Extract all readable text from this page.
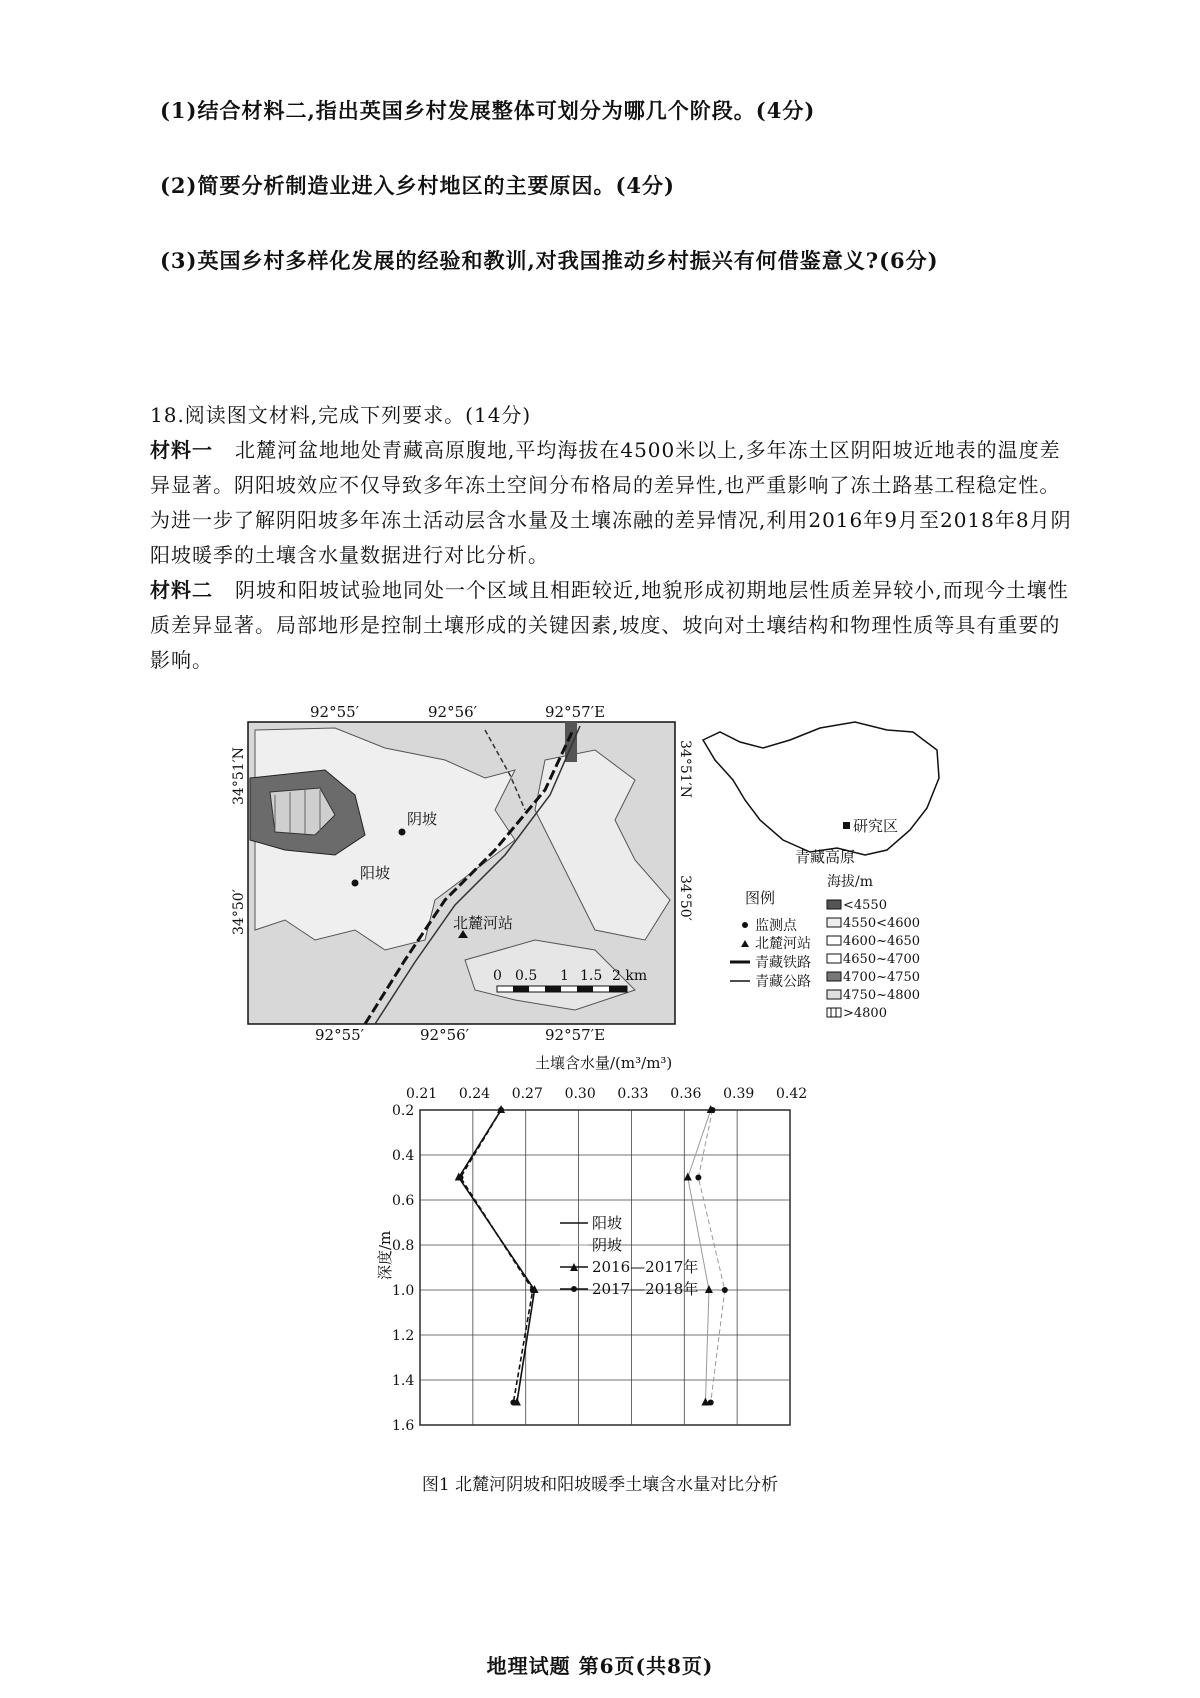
(1)结合材料二,指出英国乡村发展整体可划分为哪几个阶段。(4分)
(2)简要分析制造业进入乡村地区的主要原因。(4分)
(3)英国乡村多样化发展的经验和教训,对我国推动乡村振兴有何借鉴意义?(6分)

18.阅读图文材料,完成下列要求。(14分)

材料一 北麓河盆地地处青藏高原腹地,平均海拔在4500米以上,多年冻土区阴阳坡近地表的温度差异显著。阴阳坡效应不仅导致多年冻土空间分布格局的差异性,也严重影响了冻土路基工程稳定性。为进一步了解阴阳坡多年冻土活动层含水量及土壤冻融的差异情况,利用2016年9月至2018年8月阴阳坡暖季的土壤含水量数据进行对比分析。

材料二 阴坡和阳坡试验地同处一个区域且相距较近,地貌形成初期地层性质差异较小,而现今土壤性质差异显著。局部地形是控制土壤形成的关键因素,坡度、坡向对土壤结构和物理性质等具有重要的影响。

92°55′	92°56′	92°57′E
92°55′	92°56′	92°57′E
34°51′N
34°50′
34°51′N
34°50′
阴坡
阳坡
北麓河站
0 0.5 1 1.5 2 km
研究区
青藏高原
图例
监测点
北麓河站
青藏铁路
青藏公路
海拔/m
<4550
4550<4600
4600~4650
4650~4700
4700~4750
4750~4800
>4800
土壤含水量/(m³/m³)
深度/m
0.21 0.24 0.27 0.30 0.33 0.36 0.39 0.42
0.2
0.4
0.6
0.8
1.0
1.2
1.4
1.6
阳坡
阴坡
2016—2017年
2017—2018年
图1 北麓河阴坡和阳坡暖季土壤含水量对比分析
地理试题 第6页(共8页)
